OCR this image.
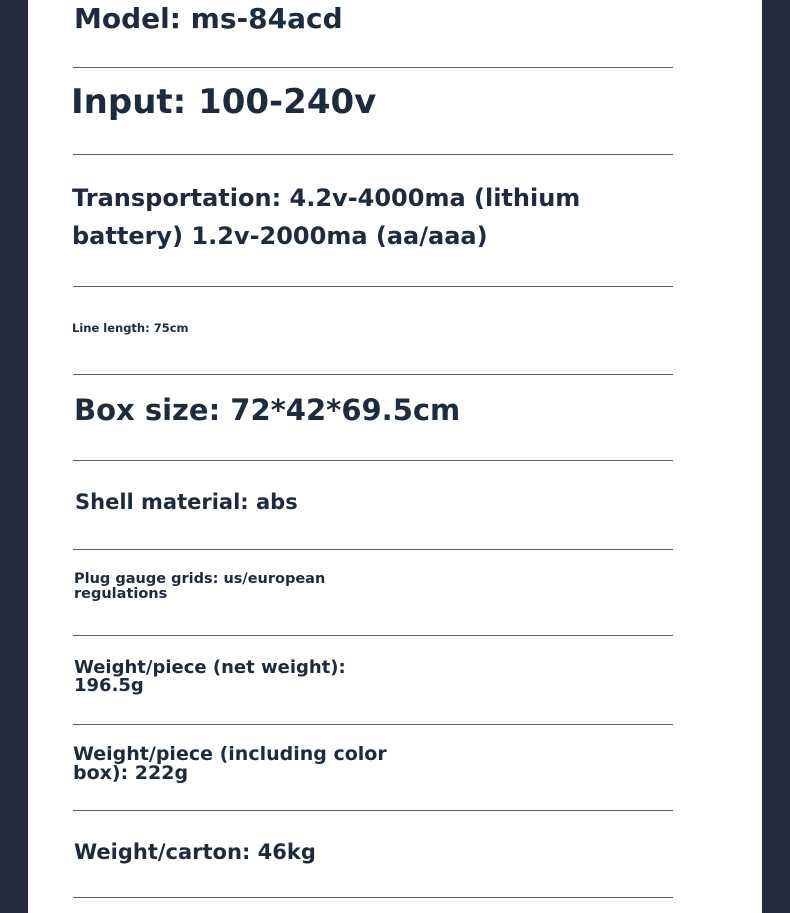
Model: ms-84acd

Input: 100-240v

Transportation: 4.2v-4000ma (lithium
battery) 1.2v-2000ma (aa/aaa)

Line length: 75cm

Box size: 72*42*69.5cm

Shell material: abs

Plug gauge grids: us/european
regulations
Weight/piece (net weight):
196.5g
Weight/piece (including color
box): 222g

Weight/carton: 46kg
